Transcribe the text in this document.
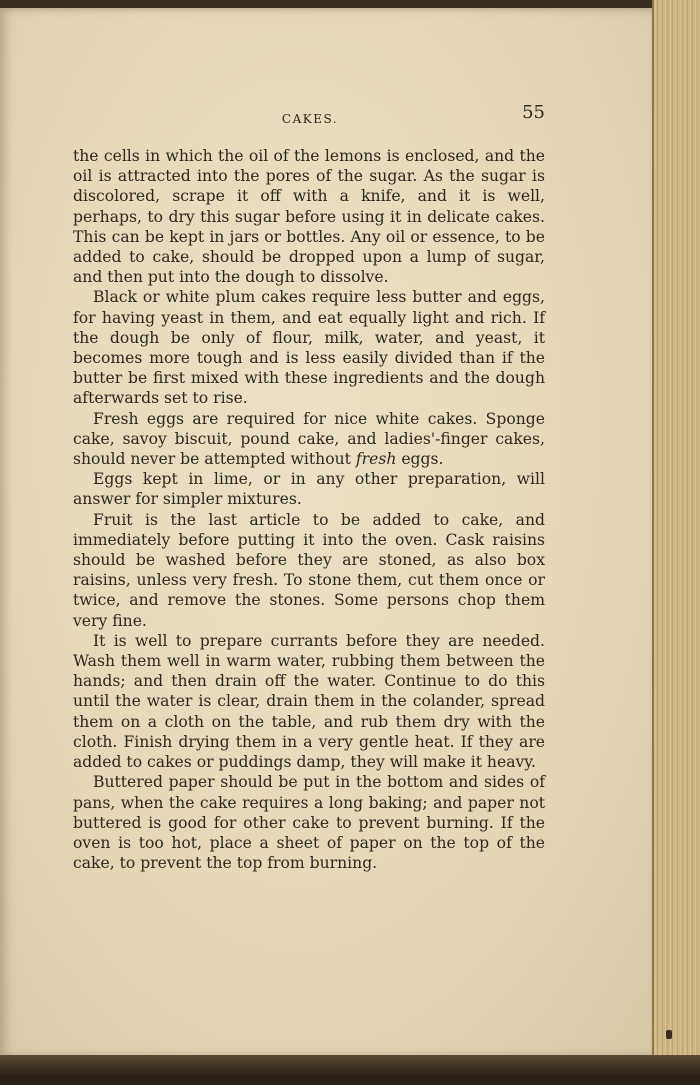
CAKES.	55

the cells in which the oil of the lemons is enclosed, and the oil is attracted into the pores of the sugar. As the sugar is discolored, scrape it off with a knife, and it is well, perhaps, to dry this sugar before using it in delicate cakes. This can be kept in jars or bottles. Any oil or essence, to be added to cake, should be dropped upon a lump of sugar, and then put into the dough to dissolve.

Black or white plum cakes require less butter and eggs, for having yeast in them, and eat equally light and rich. If the dough be only of flour, milk, water, and yeast, it becomes more tough and is less easily divided than if the butter be first mixed with these ingredients and the dough afterwards set to rise.

Fresh eggs are required for nice white cakes. Sponge cake, savoy biscuit, pound cake, and ladies'-finger cakes, should never be attempted without fresh eggs.

Eggs kept in lime, or in any other preparation, will answer for simpler mixtures.

Fruit is the last article to be added to cake, and immediately before putting it into the oven. Cask raisins should be washed before they are stoned, as also box raisins, unless very fresh. To stone them, cut them once or twice, and remove the stones. Some persons chop them very fine.

It is well to prepare currants before they are needed. Wash them well in warm water, rubbing them between the hands; and then drain off the water. Continue to do this until the water is clear, drain them in the colander, spread them on a cloth on the table, and rub them dry with the cloth. Finish drying them in a very gentle heat. If they are added to cakes or puddings damp, they will make it heavy.

Buttered paper should be put in the bottom and sides of pans, when the cake requires a long baking; and paper not buttered is good for other cake to prevent burning. If the oven is too hot, place a sheet of paper on the top of the cake, to prevent the top from burning.
